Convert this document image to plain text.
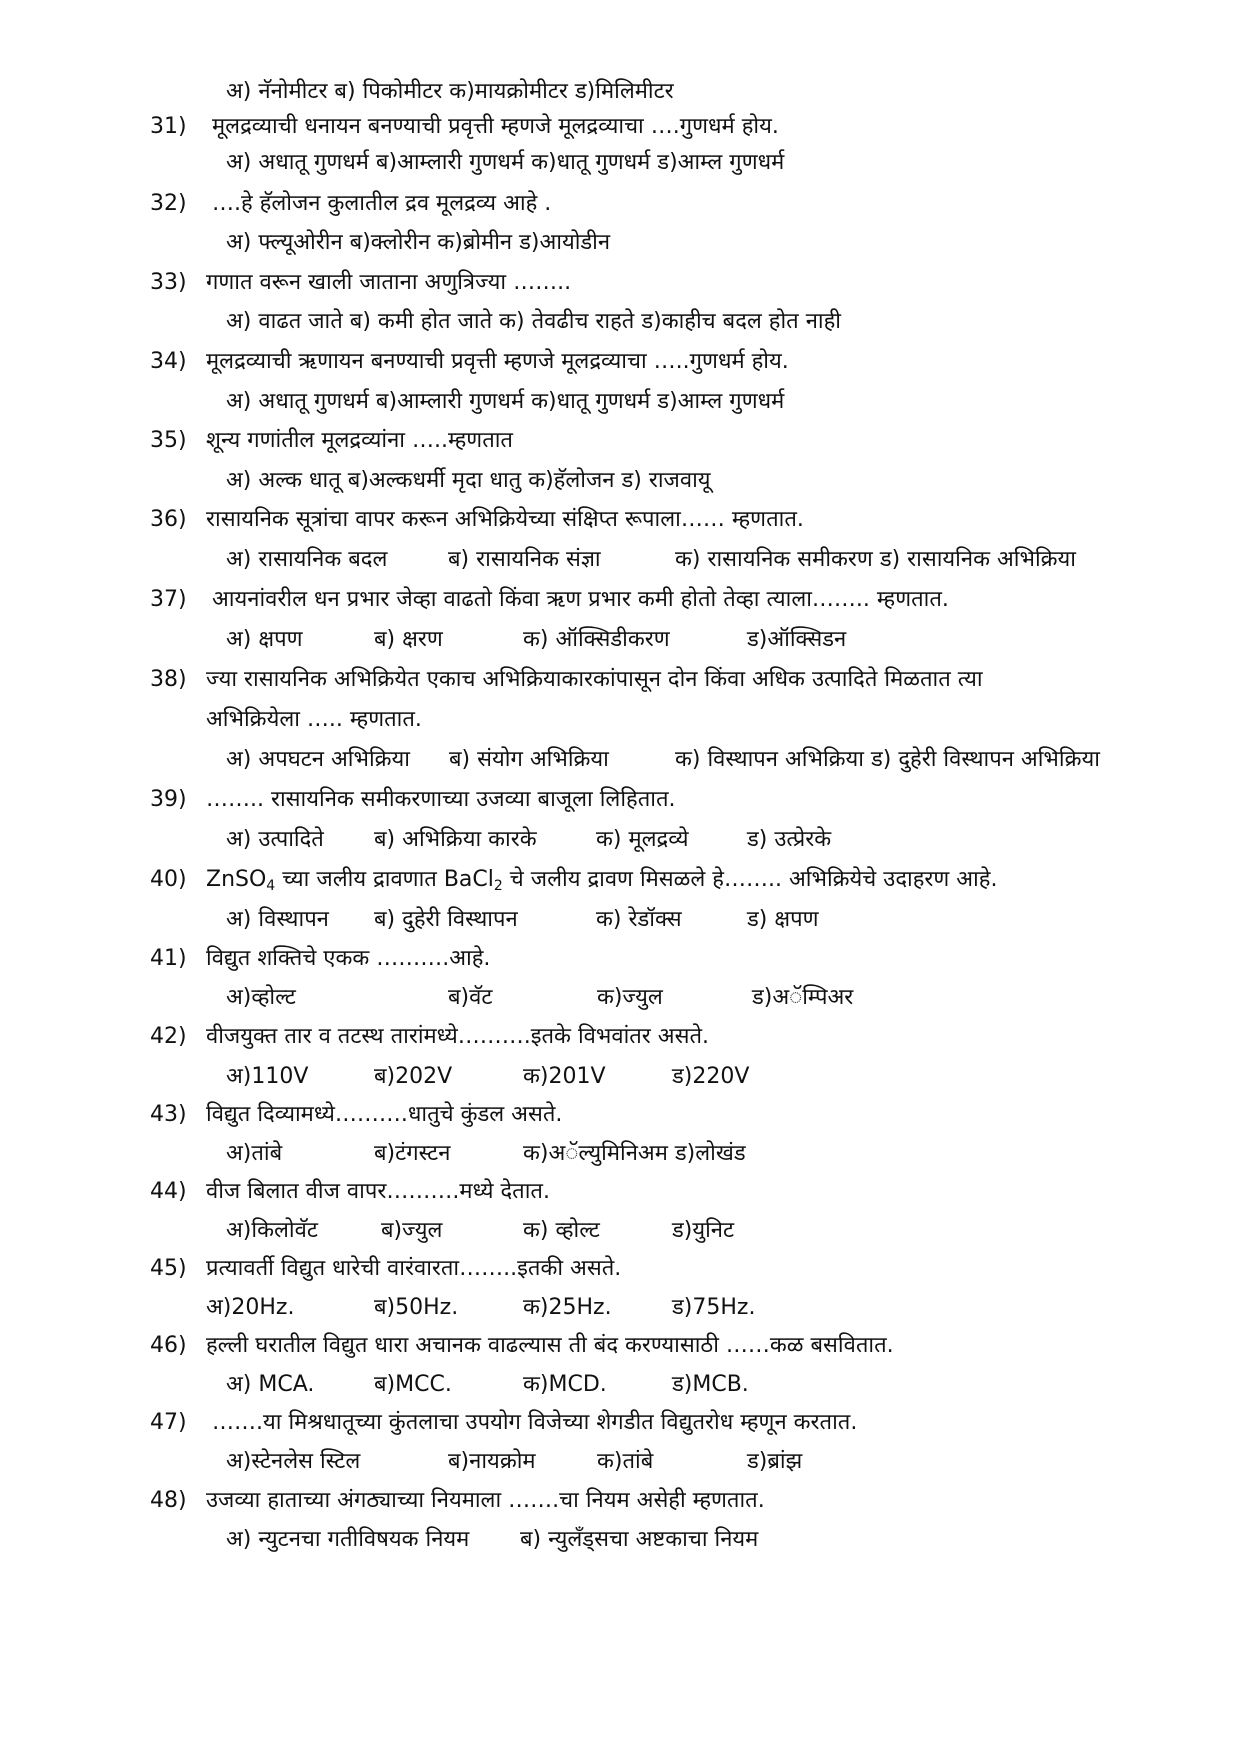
अ) नॅनोमीटर ब) पिकोमीटर क)मायक्रोमीटर ड)मिलिमीटर
31) मूलद्रव्याची धनायन बनण्याची प्रवृत्ती म्हणजे मूलद्रव्याचा ….गुणधर्म होय.
अ) अधातू गुणधर्म ब)आम्लारी गुणधर्म क)धातू गुणधर्म ड)आम्ल गुणधर्म
32) ….हे हॅलोजन कुलातील द्रव मूलद्रव्य आहे .
अ) फ्ल्यूओरीन ब)क्लोरीन क)ब्रोमीन ड)आयोडीन
33) गणात वरून खाली जाताना अणुत्रिज्या ……..
अ) वाढत जाते ब) कमी होत जाते क) तेवढीच राहते ड)काहीच बदल होत नाही
34) मूलद्रव्याची ऋणायन बनण्याची प्रवृत्ती म्हणजे मूलद्रव्याचा …..गुणधर्म होय.
अ) अधातू गुणधर्म ब)आम्लारी गुणधर्म क)धातू गुणधर्म ड)आम्ल गुणधर्म
35) शून्य गणांतील मूलद्रव्यांना …..म्हणतात
अ) अल्क धातू ब)अल्कधर्मी मृदा धातु क)हॅलोजन ड) राजवायू
36) रासायनिक सूत्रांचा वापर करून अभिक्रियेच्या संक्षिप्त रूपाला…… म्हणतात.
अ) रासायनिक बदल	ब) रासायनिक संज्ञा	क) रासायनिक समीकरण ड) रासायनिक अभिक्रिया
37) आयनांवरील धन प्रभार जेव्हा वाढतो किंवा ऋण प्रभार कमी होतो तेव्हा त्याला…….. म्हणतात.
अ) क्षपण	ब) क्षरण	क) ऑक्सिडीकरण	ड)ऑक्सिडन
38) ज्या रासायनिक अभिक्रियेत एकाच अभिक्रियाकारकांपासून दोन किंवा अधिक उत्पादिते मिळतात त्या
अभिक्रियेला ….. म्हणतात.
अ) अपघटन अभिक्रिया ब) संयोग अभिक्रिया	क) विस्थापन अभिक्रिया ड) दुहेरी विस्थापन अभिक्रिया
39) …….. रासायनिक समीकरणाच्या उजव्या बाजूला लिहितात.
अ) उत्पादिते ब) अभिक्रिया कारके	क) मूलद्रव्ये	ड) उत्प्रेरके
40) ZnSO$_4$ च्या जलीय द्रावणात BaCl$_2$ चे जलीय द्रावण मिसळले हे…….. अभिक्रियेचे उदाहरण आहे.
अ) विस्थापन ब) दुहेरी विस्थापन	क) रेडॉक्स	ड) क्षपण
41) विद्युत शक्तिचे एकक ……….आहे.
अ)व्होल्ट	ब)वॅट	क)ज्युल	ड)अॅम्पिअर
42) वीजयुक्त तार व तटस्थ तारांमध्ये……….इतके विभवांतर असते.
अ)110V	ब)202V	क)201V	ड)220V
43) विद्युत दिव्यामध्ये……….धातुचे कुंडल असते.
अ)तांबे	ब)टंगस्टन	क)अॅल्युमिनिअम ड)लोखंड
44) वीज बिलात वीज वापर……….मध्ये देतात.
अ)किलोवॅट	ब)ज्युल	क) व्होल्ट	ड)युनिट
45) प्रत्यावर्ती विद्युत धारेची वारंवारता……..इतकी असते.
अ)20Hz.	ब)50Hz.	क)25Hz.	ड)75Hz.
46) हल्ली घरातील विद्युत धारा अचानक वाढल्यास ती बंद करण्यासाठी ……कळ बसवितात.
अ) MCA.	ब)MCC.	क)MCD.	ड)MCB.
47) …….या मिश्रधातूच्या कुंतलाचा उपयोग विजेच्या शेगडीत विद्युतरोध म्हणून करतात.
अ)स्टेनलेस स्टिल	ब)नायक्रोम	क)तांबे	ड)ब्रांझ
48) उजव्या हाताच्या अंगठ्याच्या नियमाला …….चा नियम असेही म्हणतात.
अ) न्युटनचा गतीविषयक नियम ब) न्युलँड्सचा अष्टकाचा नियम
